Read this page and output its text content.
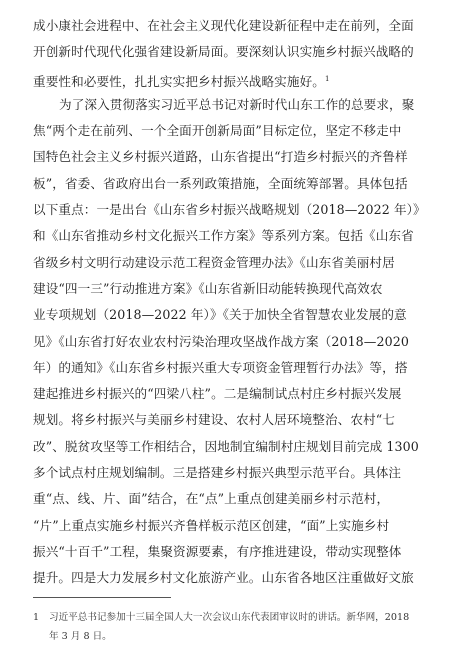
成小康社会进程中、在社会主义现代化建设新征程中走在前列，全面
开创新时代现代化强省建设新局面。要深刻认识实施乡村振兴战略的
重要性和必要性，扎扎实实把乡村振兴战略实施好。$^1$
为了深入贯彻落实习近平总书记对新时代山东工作的总要求，聚
焦“两个走在前列、一个全面开创新局面”目标定位，坚定不移走中
国特色社会主义乡村振兴道路，山东省提出“打造乡村振兴的齐鲁样
板”，省委、省政府出台一系列政策措施，全面统筹部署。具体包括
以下重点：一是出台《山东省乡村振兴战略规划（2018—2022 年）》
和《山东省推动乡村文化振兴工作方案》等系列方案。包括《山东省
省级乡村文明行动建设示范工程资金管理办法》《山东省美丽村居
建设“四一三”行动推进方案》《山东省新旧动能转换现代高效农
业专项规划（2018—2022 年）》《关于加快全省智慧农业发展的意
见》《山东省打好农业农村污染治理攻坚战作战方案（2018—2020
年）的通知》《山东省乡村振兴重大专项资金管理暂行办法》等，搭
建起推进乡村振兴的“四梁八柱”。二是编制试点村庄乡村振兴发展
规划。将乡村振兴与美丽乡村建设、农村人居环境整治、农村“七
改”、脱贫攻坚等工作相结合，因地制宜编制村庄规划目前完成 1300
多个试点村庄规划编制。三是搭建乡村振兴典型示范平台。具体注
重“点、线、片、面”结合，在“点”上重点创建美丽乡村示范村，
“片”上重点实施乡村振兴齐鲁样板示范区创建，“面”上实施乡村
振兴“十百千”工程，集聚资源要素，有序推进建设，带动实现整体
提升。四是大力发展乡村文化旅游产业。山东省各地区注重做好文旅
1 习近平总书记参加十三届全国人大一次会议山东代表团审议时的讲话。新华网，2018
年 3 月 8 日。
